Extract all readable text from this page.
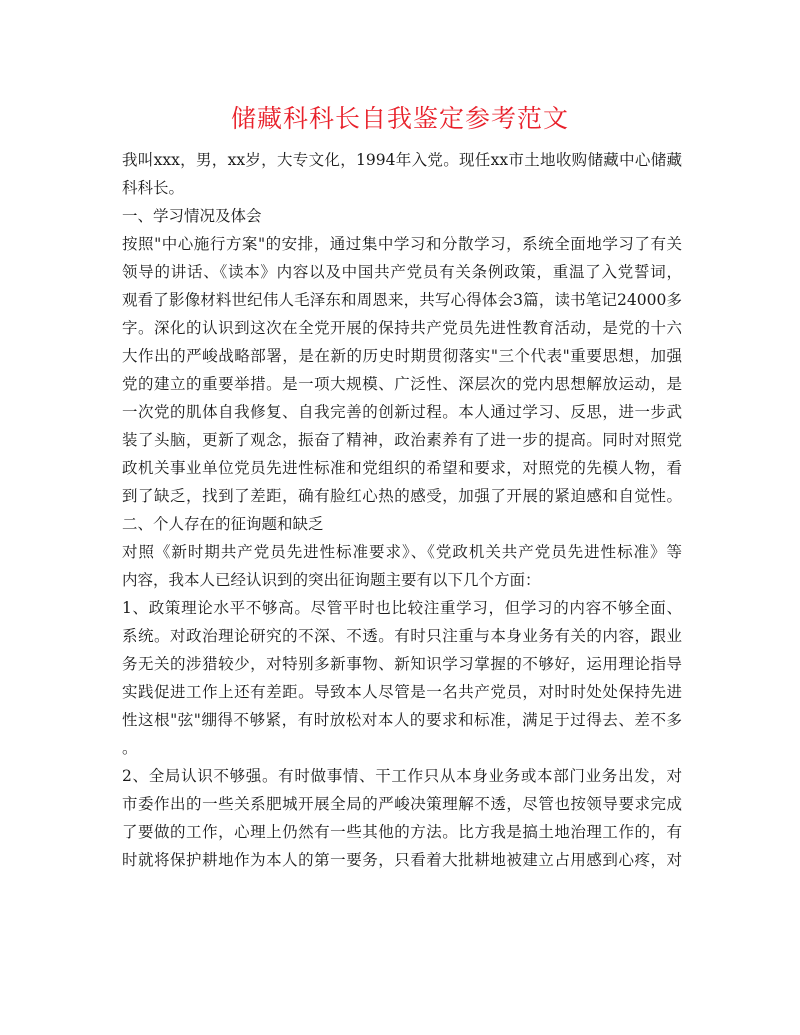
储藏科科长自我鉴定参考范文
我叫xxx，男，xx岁，大专文化，1994年入党。现任xx市土地收购储藏中心储藏
科科长。
一、学习情况及体会
按照"中心施行方案"的安排，通过集中学习和分散学习，系统全面地学习了有关
领导的讲话、《读本》内容以及中国共产党员有关条例政策，重温了入党誓词，
观看了影像材料世纪伟人毛泽东和周恩来，共写心得体会3篇，读书笔记24000多
字。深化的认识到这次在全党开展的保持共产党员先进性教育活动，是党的十六
大作出的严峻战略部署，是在新的历史时期贯彻落实"三个代表"重要思想，加强
党的建立的重要举措。是一项大规模、广泛性、深层次的党内思想解放运动，是
一次党的肌体自我修复、自我完善的创新过程。本人通过学习、反思，进一步武
装了头脑，更新了观念，振奋了精神，政治素养有了进一步的提高。同时对照党
政机关事业单位党员先进性标准和党组织的希望和要求，对照党的先模人物，看
到了缺乏，找到了差距，确有脸红心热的感受，加强了开展的紧迫感和自觉性。
二、个人存在的征询题和缺乏
对照《新时期共产党员先进性标准要求》、《党政机关共产党员先进性标准》等
内容，我本人已经认识到的突出征询题主要有以下几个方面：
1、政策理论水平不够高。尽管平时也比较注重学习，但学习的内容不够全面、
系统。对政治理论研究的不深、不透。有时只注重与本身业务有关的内容，跟业
务无关的涉猎较少，对特别多新事物、新知识学习掌握的不够好，运用理论指导
实践促进工作上还有差距。导致本人尽管是一名共产党员，对时时处处保持先进
性这根"弦"绷得不够紧，有时放松对本人的要求和标准，满足于过得去、差不多
。
2、全局认识不够强。有时做事情、干工作只从本身业务或本部门业务出发，对
市委作出的一些关系肥城开展全局的严峻决策理解不透，尽管也按领导要求完成
了要做的工作，心理上仍然有一些其他的方法。比方我是搞土地治理工作的，有
时就将保护耕地作为本人的第一要务，只看着大批耕地被建立占用感到心疼，对
